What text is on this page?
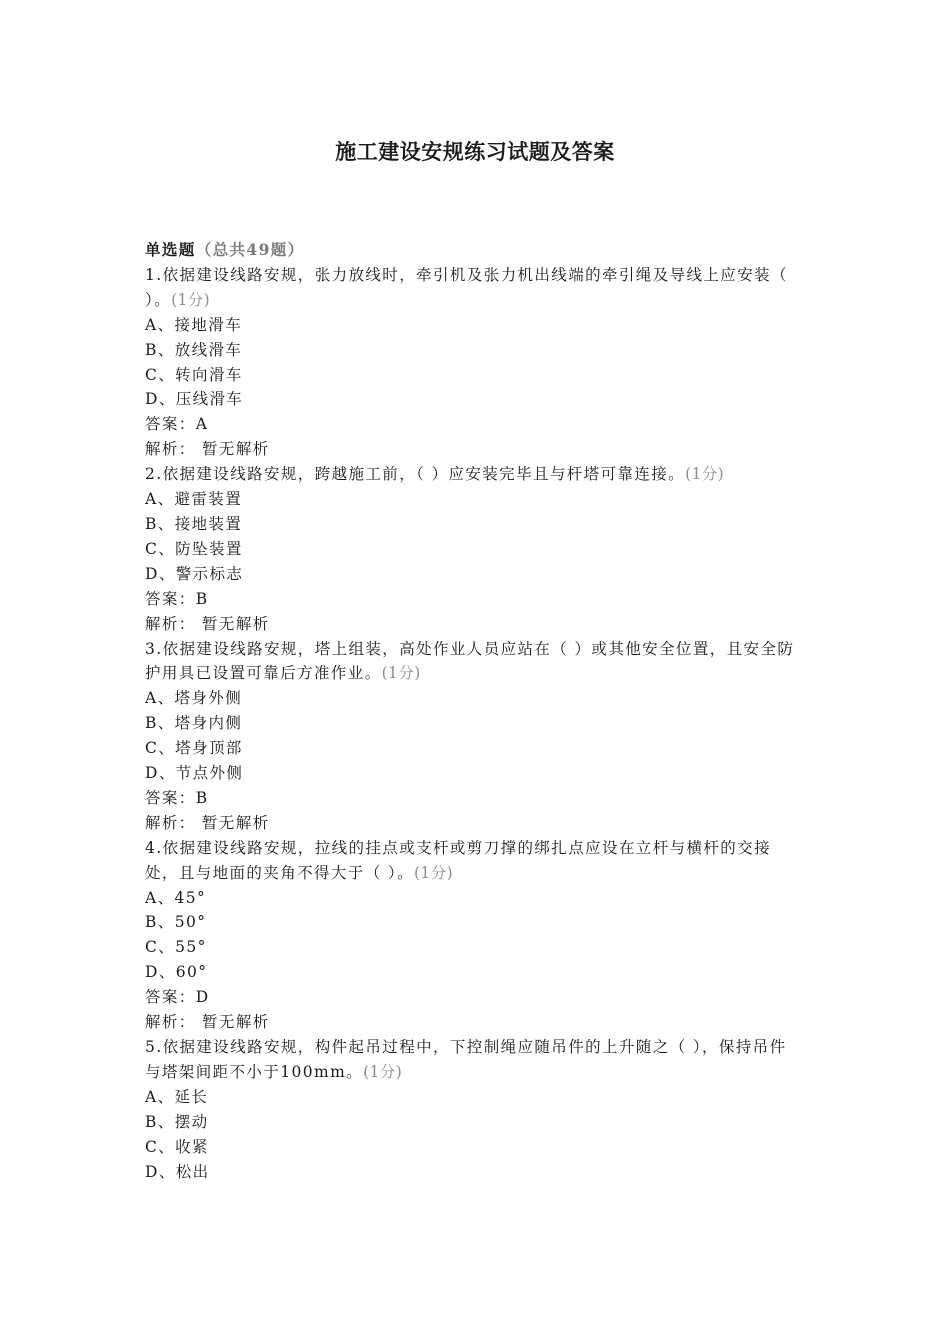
施工建设安规练习试题及答案
单选题（总共49题）
1.依据建设线路安规，张力放线时，牵引机及张力机出线端的牵引绳及导线上应安装（ ）。(1分)
A、接地滑车
B、放线滑车
C、转向滑车
D、压线滑车
答案：A
解析： 暂无解析
2.依据建设线路安规，跨越施工前，（ ）应安装完毕且与杆塔可靠连接。(1分)
A、避雷装置
B、接地装置
C、防坠装置
D、警示标志
答案：B
解析： 暂无解析
3.依据建设线路安规，塔上组装，高处作业人员应站在（ ）或其他安全位置，且安全防护用具已设置可靠后方准作业。(1分)
A、塔身外侧
B、塔身内侧
C、塔身顶部
D、节点外侧
答案：B
解析： 暂无解析
4.依据建设线路安规，拉线的挂点或支杆或剪刀撑的绑扎点应设在立杆与横杆的交接处，且与地面的夹角不得大于（ ）。(1分)
A、45°
B、50°
C、55°
D、60°
答案：D
解析： 暂无解析
5.依据建设线路安规，构件起吊过程中，下控制绳应随吊件的上升随之（ ），保持吊件与塔架间距不小于100mm。(1分)
A、延长
B、摆动
C、收紧
D、松出
